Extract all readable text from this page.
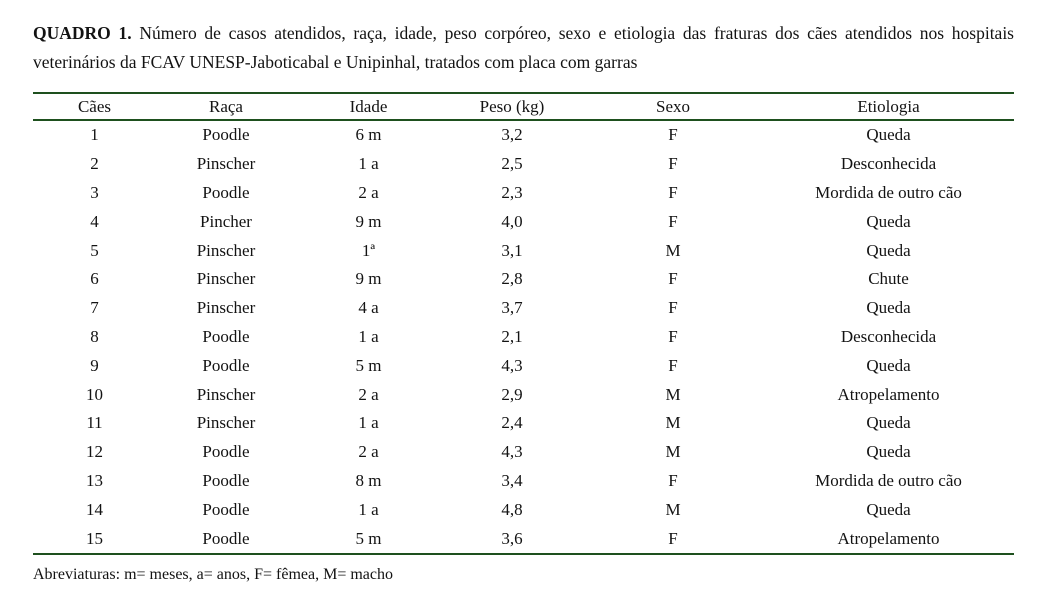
QUADRO 1. Número de casos atendidos, raça, idade, peso corpóreo, sexo e etiologia das fraturas dos cães atendidos nos hospitais veterinários da FCAV UNESP-Jaboticabal e Unipinhal, tratados com placa com garras

Cães	Raça	Idade	Peso (kg)	Sexo	Etiologia
1	Poodle	6 m	3,2	F	Queda
2	Pinscher	1 a	2,5	F	Desconhecida
3	Poodle	2 a	2,3	F	Mordida de outro cão
4	Pincher	9 m	4,0	F	Queda
5	Pinscher	1ª	3,1	M	Queda
6	Pinscher	9 m	2,8	F	Chute
7	Pinscher	4 a	3,7	F	Queda
8	Poodle	1 a	2,1	F	Desconhecida
9	Poodle	5 m	4,3	F	Queda
10	Pinscher	2 a	2,9	M	Atropelamento
11	Pinscher	1 a	2,4	M	Queda
12	Poodle	2 a	4,3	M	Queda
13	Poodle	8 m	3,4	F	Mordida de outro cão
14	Poodle	1 a	4,8	M	Queda
15	Poodle	5 m	3,6	F	Atropelamento

Abreviaturas: m= meses, a= anos, F= fêmea, M= macho
